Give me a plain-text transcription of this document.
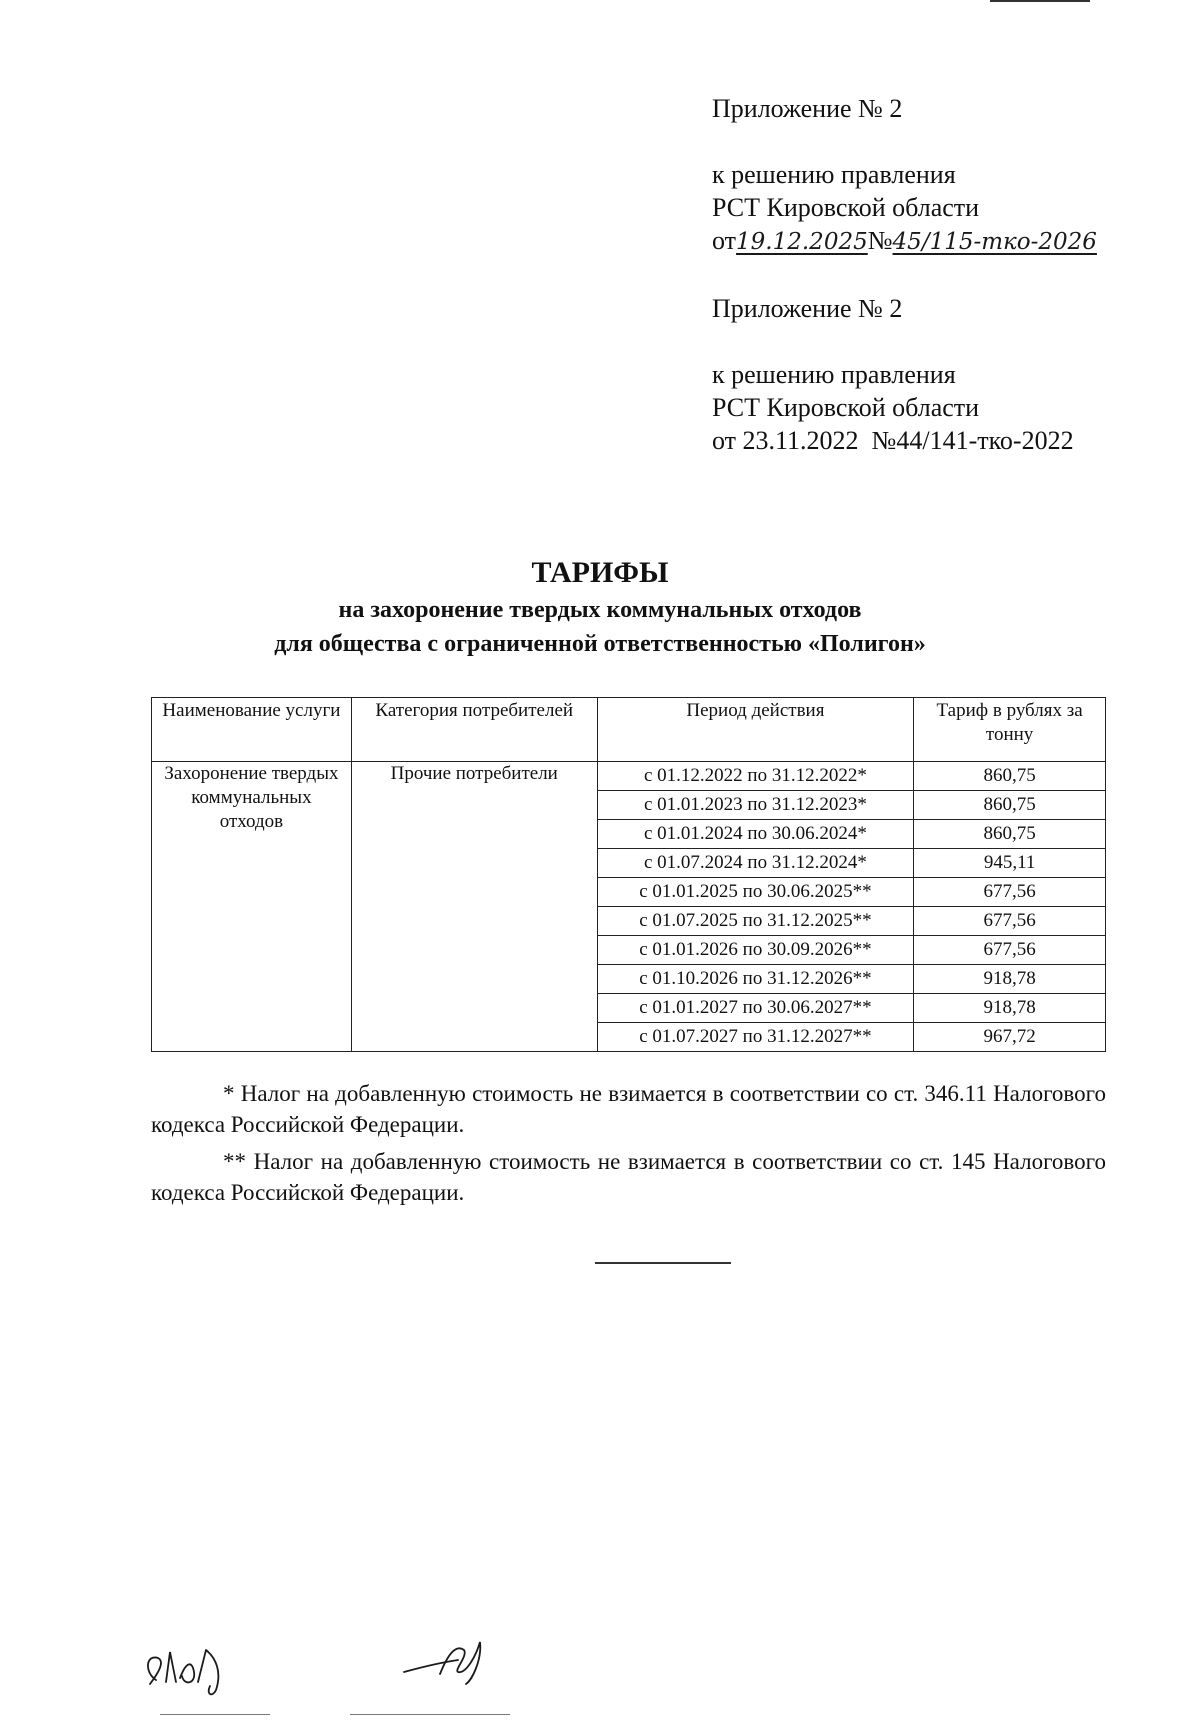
Приложение № 2
к решению правления
РСТ Кировской области
от19.12.2025№45/115-тко-2026
Приложение № 2
к решению правления
РСТ Кировской области
от 23.11.2022  №44/141-тко-2022
ТАРИФЫ
на захоронение твердых коммунальных отходов
для общества с ограниченной ответственностью «Полигон»
Наименование услуги	Категория потребителей	Период действия	Тариф в рублях за тонну
Захоронение твердых коммунальных отходов	Прочие потребители	с 01.12.2022 по 31.12.2022*	860,75
		с 01.01.2023 по 31.12.2023*	860,75
		с 01.01.2024 по 30.06.2024*	860,75
		с 01.07.2024 по 31.12.2024*	945,11
		с 01.01.2025 по 30.06.2025**	677,56
		с 01.07.2025 по 31.12.2025**	677,56
		с 01.01.2026 по 30.09.2026**	677,56
		с 01.10.2026 по 31.12.2026**	918,78
		с 01.01.2027 по 30.06.2027**	918,78
		с 01.07.2027 по 31.12.2027**	967,72

* Налог на добавленную стоимость не взимается в соответствии со ст. 346.11 Налогового кодекса Российской Федерации.

** Налог на добавленную стоимость не взимается в соответствии со ст. 145 Налогового кодекса Российской Федерации.
